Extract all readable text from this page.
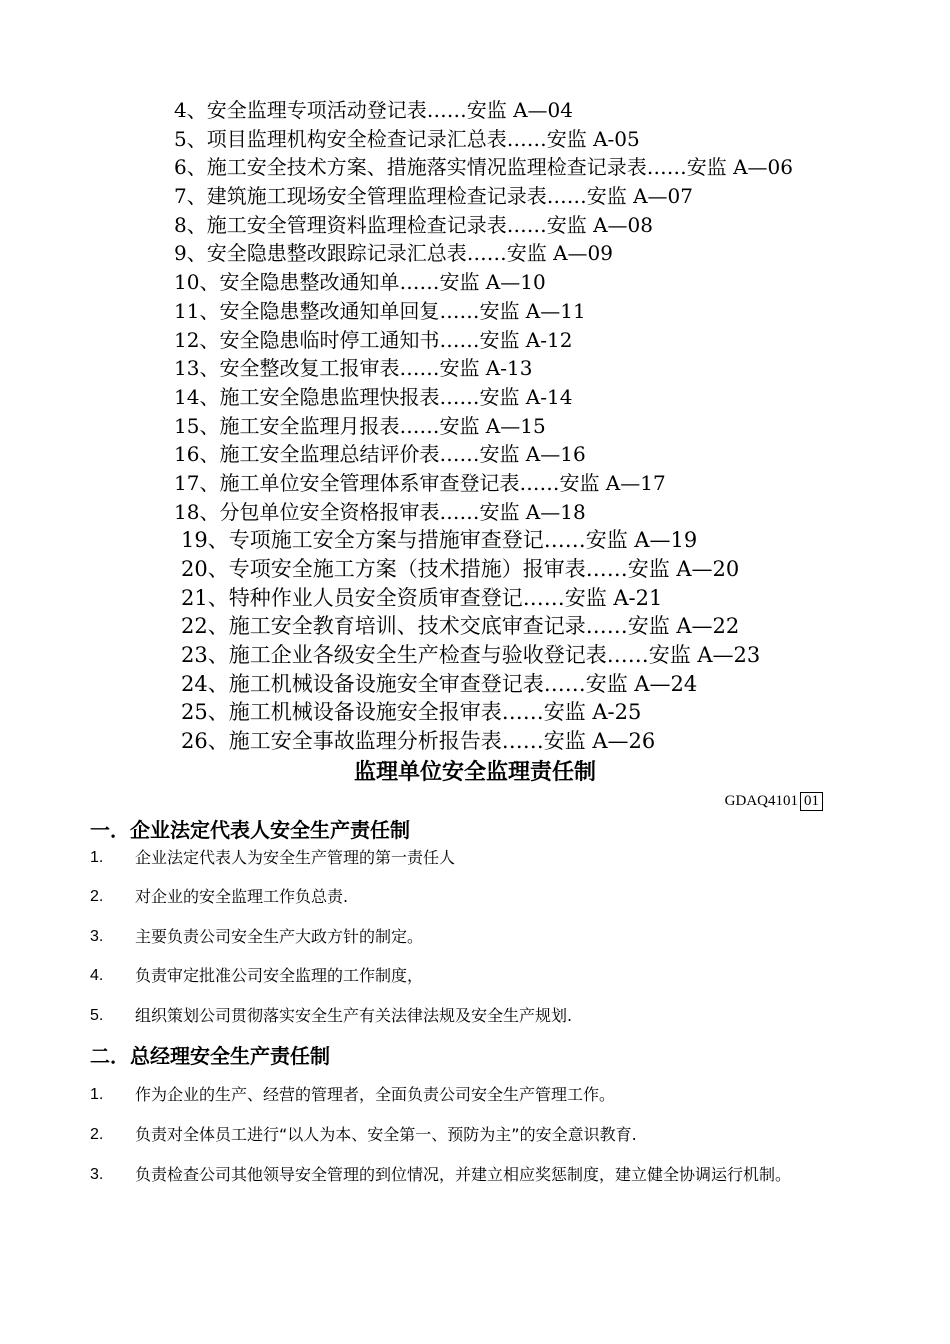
4、安全监理专项活动登记表……安监 A—04
5、项目监理机构安全检查记录汇总表……安监 A-05
6、施工安全技术方案、措施落实情况监理检查记录表……安监 A—06
7、建筑施工现场安全管理监理检查记录表……安监 A—07
8、施工安全管理资料监理检查记录表……安监 A—08
9、安全隐患整改跟踪记录汇总表……安监 A—09
10、安全隐患整改通知单……安监 A—10
11、安全隐患整改通知单回复……安监 A—11
12、安全隐患临时停工通知书……安监 A-12
13、安全整改复工报审表……安监 A-13
14、施工安全隐患监理快报表……安监 A-14
15、施工安全监理月报表……安监 A—15
16、施工安全监理总结评价表……安监 A—16
17、施工单位安全管理体系审查登记表……安监 A—17
18、分包单位安全资格报审表……安监 A—18
19、专项施工安全方案与措施审查登记……安监 A—19
20、专项安全施工方案（技术措施）报审表……安监 A—20
21、特种作业人员安全资质审查登记……安监 A-21
22、施工安全教育培训、技术交底审查记录……安监 A—22
23、施工企业各级安全生产检查与验收登记表……安监 A—23
24、施工机械设备设施安全审查登记表……安监 A—24
25、施工机械设备设施安全报审表……安监 A-25
26、施工安全事故监理分析报告表……安监 A—26
监理单位安全监理责任制
GDAQ4101 01
一．企业法定代表人安全生产责任制
1. 企业法定代表人为安全生产管理的第一责任人
2. 对企业的安全监理工作负总责.
3. 主要负责公司安全生产大政方针的制定。
4. 负责审定批准公司安全监理的工作制度，
5. 组织策划公司贯彻落实安全生产有关法律法规及安全生产规划.
二．总经理安全生产责任制
1. 作为企业的生产、经营的管理者，全面负责公司安全生产管理工作。
2. 负责对全体员工进行“以人为本、安全第一、预防为主”的安全意识教育.
3. 负责检查公司其他领导安全管理的到位情况，并建立相应奖惩制度，建立健全协调运行机制。
